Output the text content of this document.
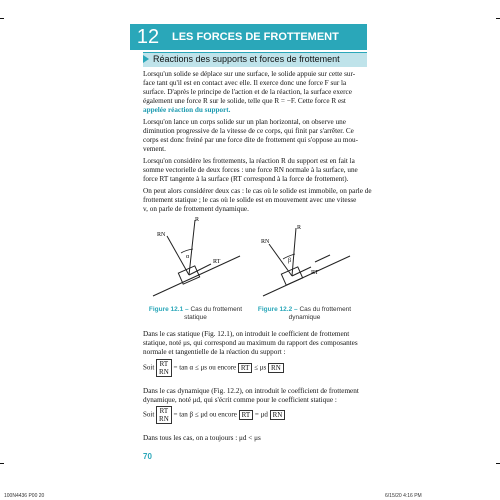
12	LES FORCES DE FROTTEMENT
Réactions des supports et forces de frottement
Lorsqu'un solide se déplace sur une surface, le solide appuie sur cette sur-
face tant qu'il est en contact avec elle. Il exerce donc une force F sur la
surface. D'après le principe de l'action et de la réaction, la surface exerce
également une force R sur le solide, telle que R = −F. Cette force R est
appelée réaction du support.
Lorsqu'on lance un corps solide sur un plan horizontal, on observe une
diminution progressive de la vitesse de ce corps, qui finit par s'arrêter. Ce
corps est donc freiné par une force dite de frottement qui s'oppose au mou-
vement.
Lorsqu'on considère les frottements, la réaction R du support est en fait la
somme vectorielle de deux forces : une force RN normale à la surface, une
force RT tangente à la surface (RT correspond à la force de frottement).
On peut alors considérer deux cas : le cas où le solide est immobile, on parle de
frottement statique ; le cas où le solide est en mouvement avec une vitesse
v, on parle de frottement dynamique.
R
RN
RT
α
R
RN
RT
β
Figure 12.1 – Cas du frottement statique
Figure 12.2 – Cas du frottement dynamique
Dans le cas statique (Fig. 12.1), on introduit le coefficient de frottement
statique, noté μs, qui correspond au maximum du rapport des composantes
normale et tangentielle de la réaction du support :
Soit RT
RN = tan α ≤ μs ou encore RT ≤ μs RN
Dans le cas dynamique (Fig. 12.2), on introduit le coefficient de frottement
dynamique, noté μd, qui s'écrit comme pour le coefficient statique :
Soit RT
RN = tan β ≤ μd ou encore RT = μd RN
Dans tous les cas, on a toujours : μd < μs
70
100N4436 P00 20	6/15/20 4:16 PM
